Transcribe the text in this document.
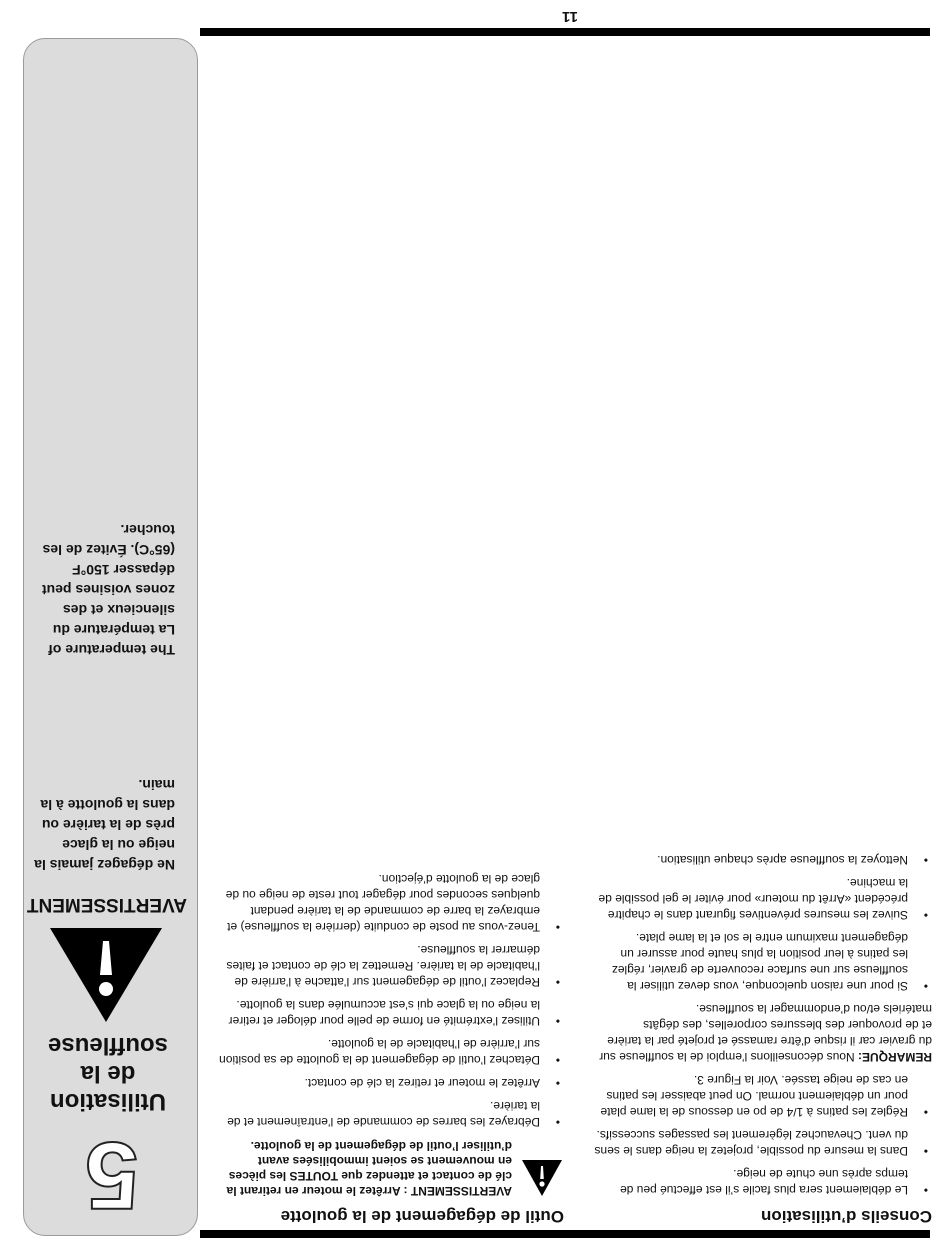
11
Conseils d’utilisation
•
Le déblaiement sera plus facile s’il est effectué peu de temps après une chute de neige.
•
Dans la mesure du possible, projetez la neige dans le sens du vent. Chevauchez légèrement les passages successifs.
•
Réglez les patins à 1/4 de po en dessous de la lame plate pour un déblaiement normal. On peut abaisser les patins en cas de neige tassée. Voir la Figure 3.

REMARQUE: Nous déconseillons l’emploi de la soufﬂeuse sur du gravier car il risque d’être ramassé et projeté par la tarière et de provoquer des blessures corporelles, des dégâts matériels et/ou d’endommager la soufﬂeuse.

•
Si pour une raison quelconque, vous devez utiliser la soufﬂeuse sur une surface recouverte de gravier, réglez les patins à leur position la plus haute pour assurer un dégagement maximum entre le sol et la lame plate.
•
Suivez les mesures préventives ﬁgurant dans le chapitre précédent «Arrêt du moteur» pour éviter le gel possible de la machine.
•
Nettoyez la soufﬂeuse après chaque utilisation.
Outil de dégagement de la goulotte
AVERTISSEMENT : Arrêtez le moteur en retirant la clé de contact et attendez que TOUTES les pièces en mouvement se soient immobilisées avant d’utiliser l’outil de dégagement de la goulotte.
•
Débrayez les barres de commande de l’entraînement et de la tarière.
•
Arrêtez le moteur et retirez la clé de contact.
•
Détachez l’outil de dégagement de la goulotte de sa position sur l’arrière de l’habitacle de la goulotte.
•
Utilisez l’extrémité en forme de pelle pour déloger et retirer la neige ou la glace qui s’est accumulée dans la goulotte.
•
Replacez l’outil de dégagement sur l’attache à l’arrière de l’habitacle de la tarière. Remettez la clé de contact et faites démarrer la soufﬂeuse.
•
Tenez-vous au poste de conduite (derrière la soufﬂeuse) et embrayez la barre de commande de la tarière pendant quelques secondes pour dégager tout reste de neige ou de glace de la goulotte d’éjection.
5
Utilisation
de la
soufﬂeuse
AVERTISSEMENT
Ne dégagez jamais la neige ou la glace près de la tarière ou dans la goulotte à la main.
The temperature of La température du silencieux et des zones voisines peut dépasser 150°F (65°C). Évitez de les toucher.
